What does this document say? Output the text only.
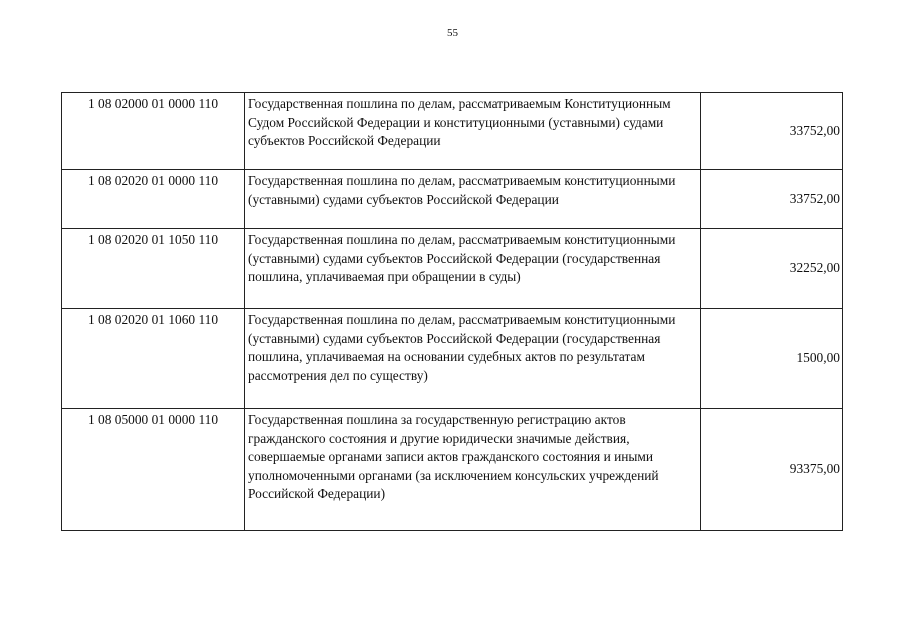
55
1 08 02000 01 0000 110	Государственная пошлина по делам, рассматриваемым Конституционным Судом Российской Федерации и конституционными (уставными) судами субъектов Российской Федерации	33752,00
1 08 02020 01 0000 110	Государственная пошлина по делам, рассматриваемым конституционными (уставными) судами субъектов Российской Федерации	33752,00
1 08 02020 01 1050 110	Государственная пошлина по делам, рассматриваемым конституционными (уставными) судами субъектов Российской Федерации (государственная пошлина, уплачиваемая при обращении в суды)	32252,00
1 08 02020 01 1060 110	Государственная пошлина по делам, рассматриваемым конституционными (уставными) судами субъектов Российской Федерации (государственная пошлина, уплачиваемая на основании судебных актов по результатам рассмотрения дел по существу)	1500,00
1 08 05000 01 0000 110	Государственная пошлина за государственную регистрацию актов гражданского состояния и другие юридически значимые действия, совершаемые органами записи актов гражданского состояния и иными уполномоченными органами (за исключением консульских учреждений Российской Федерации)	93375,00
